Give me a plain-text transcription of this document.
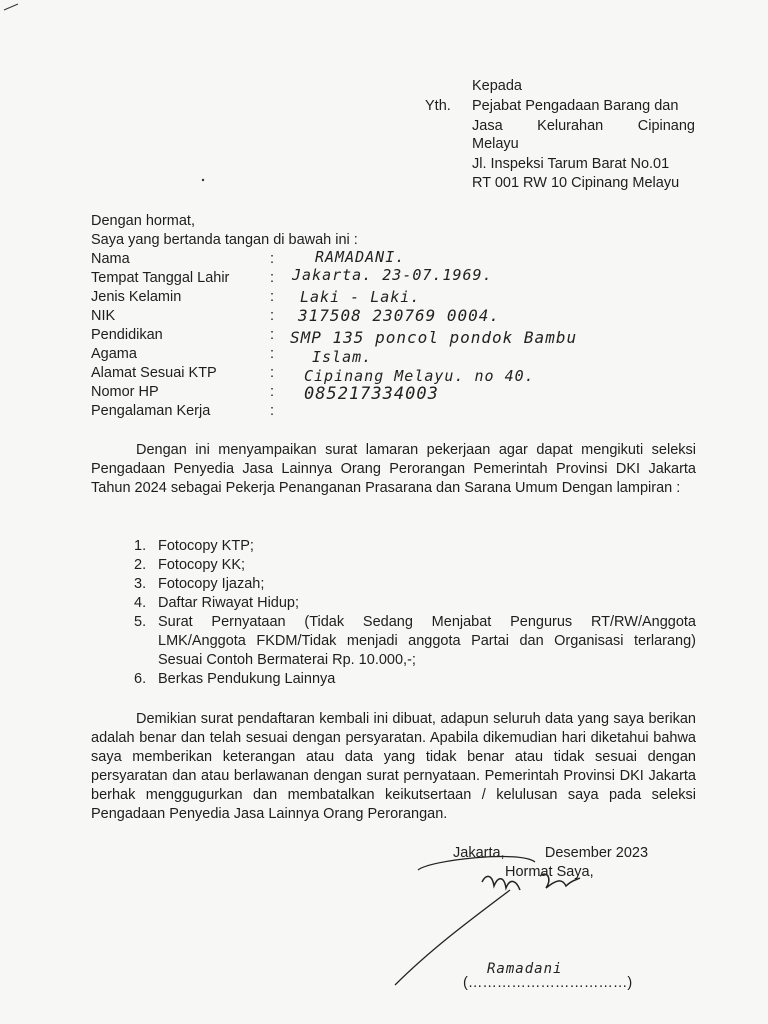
Kepada
Yth. Pejabat Pengadaan Barang dan
Jasa Kelurahan Cipinang
Melayu
Jl. Inspeksi Tarum Barat No.01
RT 001 RW 10 Cipinang Melayu
Dengan hormat,
Saya yang bertanda tangan di bawah ini :
Nama	:	RAMADANI.
Tempat Tanggal Lahir	: Jakarta. 23-07.1969.
Jenis Kelamin	: Laki - Laki.
NIK	: 317508 230769 0004.
Pendidikan	: SMP 135 poncol pondok Bambu
Agama	:	Islam.
Alamat Sesuai KTP	: Cipinang Melayu. no 40.
Nomor HP	: 085217334003
Pengalaman Kerja	:
Dengan ini menyampaikan surat lamaran pekerjaan agar dapat mengikuti seleksi Pengadaan Penyedia Jasa Lainnya Orang Perorangan Pemerintah Provinsi DKI Jakarta Tahun 2024 sebagai Pekerja Penanganan Prasarana dan Sarana Umum Dengan lampiran :
1. Fotocopy KTP;
2. Fotocopy KK;
3. Fotocopy Ijazah;
4. Daftar Riwayat Hidup;
5. Surat Pernyataan (Tidak Sedang Menjabat Pengurus RT/RW/Anggota LMK/Anggota FKDM/Tidak menjadi anggota Partai dan Organisasi terlarang) Sesuai Contoh Bermaterai Rp. 10.000,-;
6. Berkas Pendukung Lainnya
Demikian surat pendaftaran kembali ini dibuat, adapun seluruh data yang saya berikan adalah benar dan telah sesuai dengan persyaratan. Apabila dikemudian hari diketahui bahwa saya memberikan keterangan atau data yang tidak benar atau tidak sesuai dengan persyaratan dan atau berlawanan dengan surat pernyataan. Pemerintah Provinsi DKI Jakarta berhak menggugurkan dan membatalkan keikutsertaan / kelulusan saya pada seleksi Pengadaan Penyedia Jasa Lainnya Orang Perorangan.
Jakarta,          Desember 2023
Hormat Saya,
Ramadani
(……………………………)
